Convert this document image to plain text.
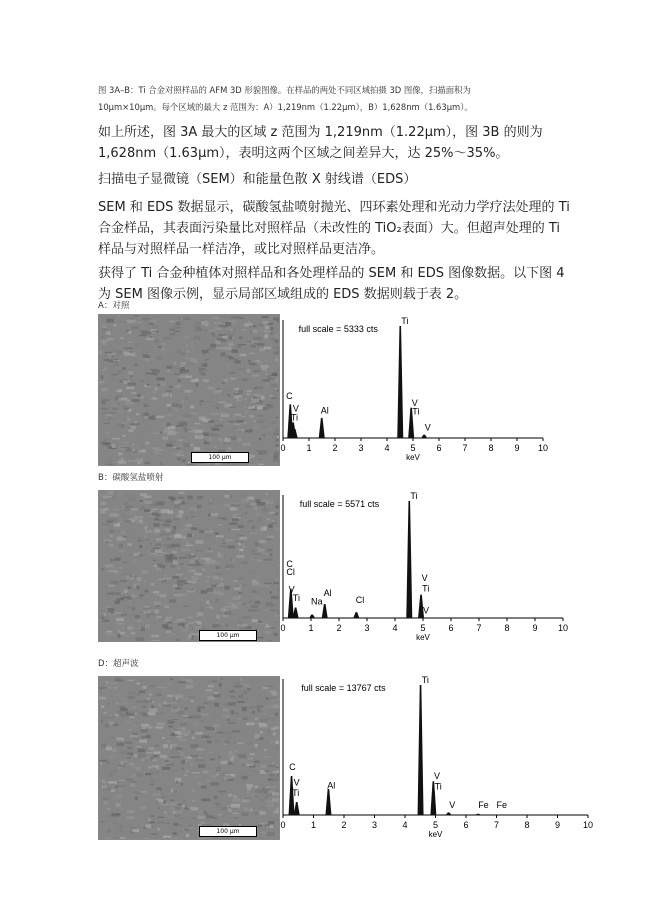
图 3A–B：Ti 合金对照样品的 AFM 3D 形貌图像。在样品的两处不同区域拍摄 3D 图像，扫描面积为
10μm×10μm。每个区域的最大 z 范围为：A）1,219nm（1.22μm），B）1,628nm（1.63μm）。
如上所述，图 3A 最大的区域 z 范围为 1,219nm（1.22μm），图 3B 的则为 1,628nm（1.63μm），表明这两个区域之间差异大，达 25%～35%。
扫描电子显微镜（SEM）和能量色散 X 射线谱（EDS）
SEM 和 EDS 数据显示，碳酸氢盐喷射抛光、四环素处理和光动力学疗法处理的 Ti 合金样品，其表面污染量比对照样品（未改性的 TiO₂表面）大。但超声处理的 Ti 样品与对照样品一样洁净，或比对照样品更洁净。
获得了 Ti 合金种植体对照样品和各处理样品的 SEM 和 EDS 图像数据。以下图 4 为 SEM 图像示例，显示局部区域组成的 EDS 数据则载于表 2。
A：对照
100 μm
full scale = 5333 cts
0 1 2 3 4 5 6 7 8 9 10
keV
C
V
Ti
Al
Ti
V
Ti
V
B：碳酸氢盐喷射
100 μm
full scale = 5571 cts
0	1	2	3	4	5	6	7	8	9 10
keV
C
Cl
V
Ti Na
Al
Cl
Ti
V
Ti
V
D：超声波
100 μm
full scale = 13767 cts
0	1	2	3	4	5	6	7	8	9	10
keV
C
V
Ti
Al
Ti
V
Ti
V	Fe Fe
